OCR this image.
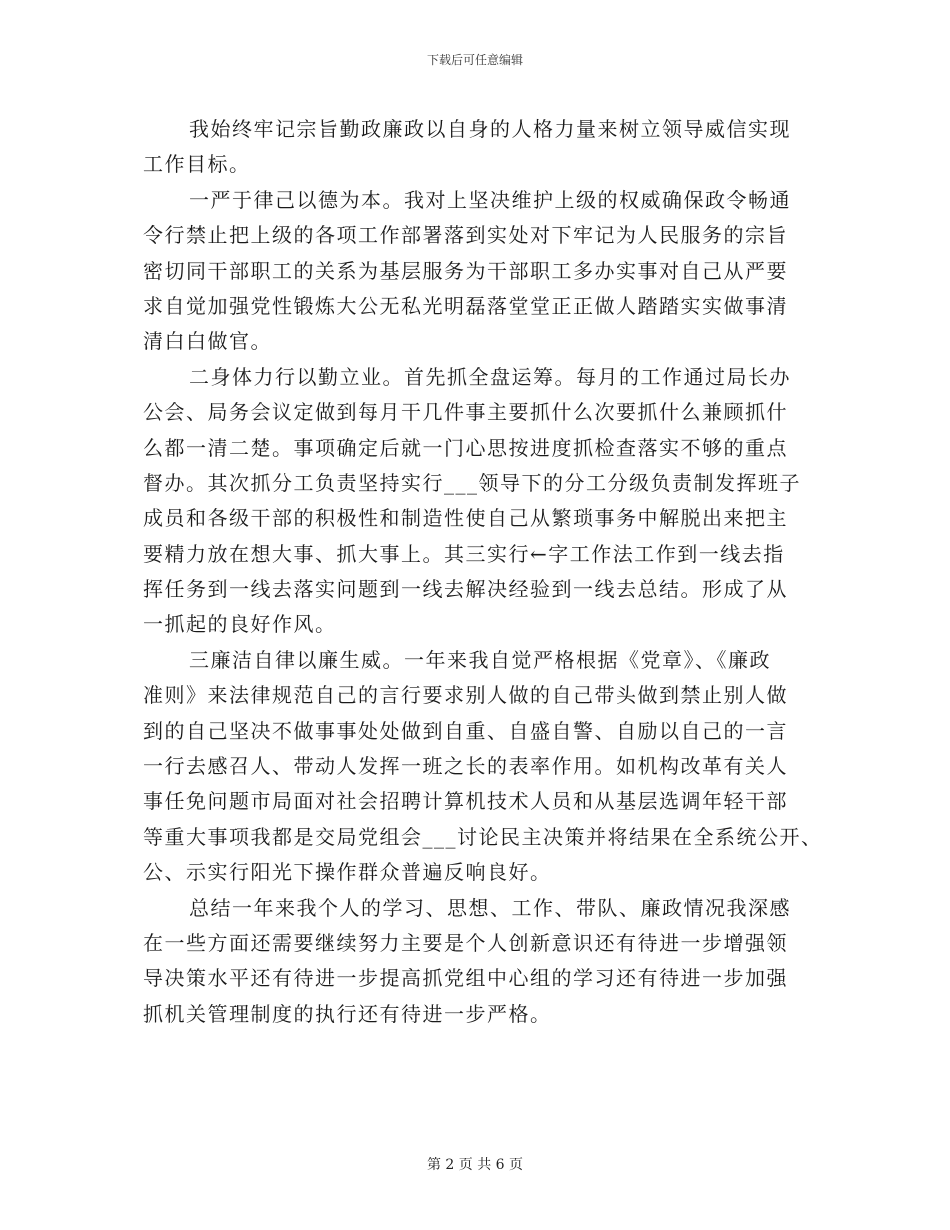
下载后可任意编辑
我始终牢记宗旨勤政廉政以自身的人格力量来树立领导威信实现
工作目标。
一严于律己以德为本。我对上坚决维护上级的权威确保政令畅通
令行禁止把上级的各项工作部署落到实处对下牢记为人民服务的宗旨
密切同干部职工的关系为基层服务为干部职工多办实事对自己从严要
求自觉加强党性锻炼大公无私光明磊落堂堂正正做人踏踏实实做事清
清白白做官。
二身体力行以勤立业。首先抓全盘运筹。每月的工作通过局长办
公会、局务会议定做到每月干几件事主要抓什么次要抓什么兼顾抓什
么都一清二楚。事项确定后就一门心思按进度抓检查落实不够的重点
督办。其次抓分工负责坚持实行___领导下的分工分级负责制发挥班子
成员和各级干部的积极性和制造性使自己从繁琐事务中解脱出来把主
要精力放在想大事、抓大事上。其三实行←字工作法工作到一线去指
挥任务到一线去落实问题到一线去解决经验到一线去总结。形成了从
一抓起的良好作风。
三廉洁自律以廉生威。一年来我自觉严格根据《党章》、《廉政
准则》来法律规范自己的言行要求别人做的自己带头做到禁止别人做
到的自己坚决不做事事处处做到自重、自盛自警、自励以自己的一言
一行去感召人、带动人发挥一班之长的表率作用。如机构改革有关人
事任免问题市局面对社会招聘计算机技术人员和从基层选调年轻干部
等重大事项我都是交局党组会___讨论民主决策并将结果在全系统公开、
公、示实行阳光下操作群众普遍反响良好。
总结一年来我个人的学习、思想、工作、带队、廉政情况我深感
在一些方面还需要继续努力主要是个人创新意识还有待进一步增强领
导决策水平还有待进一步提高抓党组中心组的学习还有待进一步加强
抓机关管理制度的执行还有待进一步严格。
第 2 页 共 6 页
